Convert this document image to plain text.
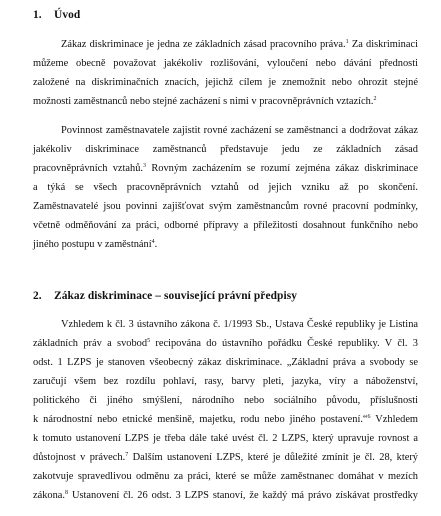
1. Úvod
Zákaz diskriminace je jedna ze základních zásad pracovního práva.$^1$ Za diskriminaci
můžeme obecně považovat jakékoliv rozlišování, vyloučení nebo dávání přednosti
založené na diskriminačních znacích, jejichž cílem je znemožnit nebo ohrozit stejné
možnosti zaměstnanců nebo stejné zacházení s nimi v pracovněprávních vztazích.$^2$
Povinnost zaměstnavatele zajistit rovné zacházení se zaměstnanci a dodržovat zákaz
jakékoliv diskriminace zaměstnanců představuje jedu ze základních zásad
pracovněprávních vztahů.$^3$ Rovným zacházením se rozumí zejména zákaz diskriminace
a týká se všech pracovněprávních vztahů od jejich vzniku až po skončení.
Zaměstnavatelé jsou povinni zajišťovat svým zaměstnancům rovné pracovní podmínky,
včetně odměňování za práci, odborné přípravy a příležitosti dosahnout funkčního nebo
jiného postupu v zaměstnání$^4$.
2. Zákaz diskriminace – související právní předpisy
Vzhledem k čl. 3 ústavního zákona č. 1/1993 Sb., Ustava České republiky je Listina
základních práv a svobod$^5$ recipována do ústavního pořádku České republiky. V čl. 3
odst. 1 LZPS je stanoven všeobecný zákaz diskriminace. „Základní práva a svobody se
zaručují všem bez rozdílu pohlaví, rasy, barvy pleti, jazyka, víry a náboženství,
politického či jiného smýšlení, národního nebo sociálního původu, příslušnosti
k národnostní nebo etnické menšině, majetku, rodu nebo jiného postavení.“$^6$ Vzhledem
k tomuto ustanovení LZPS je třeba dále také uvést čl. 2 LZPS, který upravuje rovnost a
důstojnost v právech.$^7$ Dalším ustanovení LZPS, které je důležité zmínit je čl. 28, který
zakotvuje spravedlivou odměnu za práci, které se může zaměstnanec domáhat v mezích
zákona.$^8$ Ustanovení čl. 26 odst. 3 LZPS stanoví, že každý má právo získávat prostředky
